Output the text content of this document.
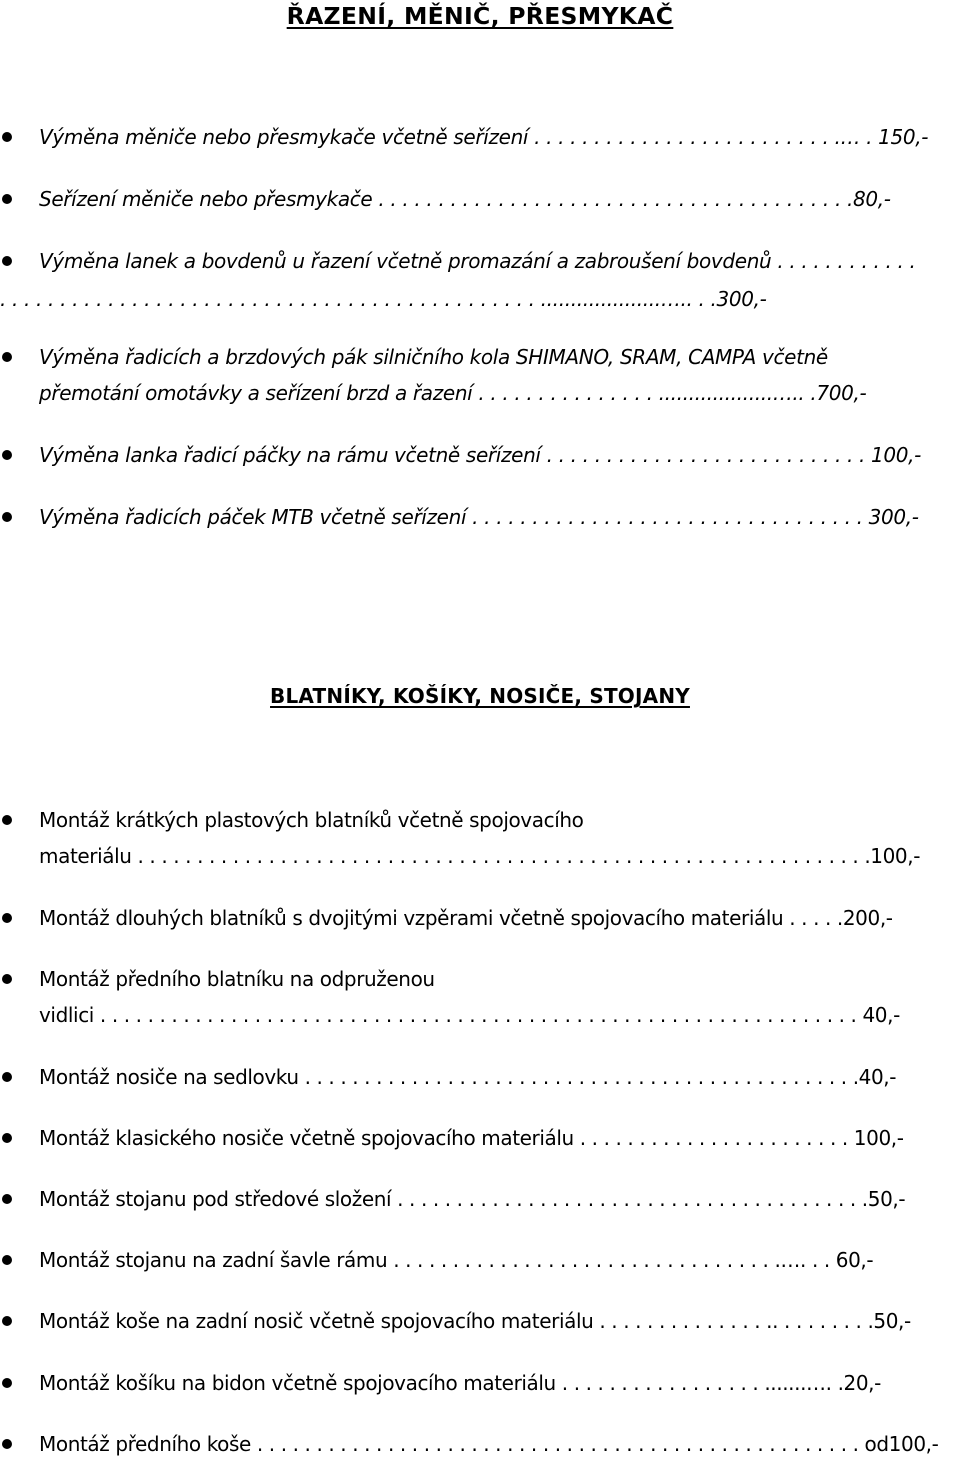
ŘAZENÍ, MĚNIČ, PŘESMYKAČ
Výměna měniče nebo přesmykače včetně seřízení . . . . . . . . . . . . . . . . . . . . . . . . . .… . 150,-
Seřízení měniče nebo přesmykače . . . . . . . . . . . . . . . . . . . . . . . . . . . . . . . . . . . . . . . .80,-
Výměna lanek a bovdenů u řazení včetně promazání a zabroušení bovdenů . . . . . . . . . . . .
. . . . . . . . . . . . . . . . . . . . . . . . . . . . . . . . . . . . . . . . . . . . . ....................….. . .300,-
Výměna řadicích a brzdových pák silničního kola SHIMANO, SRAM, CAMPA včetně
přemotání omotávky a seřízení brzd a řazení . . . . . . . . . . . . . . . ...................….. .700,-
Výměna lanka řadicí páčky na rámu včetně seřízení . . . . . . . . . . . . . . . . . . . . . . . . . . . 100,-
Výměna řadicích páček MTB včetně seřízení . . . . . . . . . . . . . . . . . . . . . . . . . . . . . . . . . 300,-
BLATNÍKY, KOŠÍKY, NOSIČE, STOJANY
Montáž krátkých plastových blatníků včetně spojovacího
materiálu . . . . . . . . . . . . . . . . . . . . . . . . . . . . . . . . . . . . . . . . . . . . . . . . . . . . . . . . . . . . . .100,-
Montáž dlouhých blatníků s dvojitými vzpěrami včetně spojovacího materiálu . . . . .200,-
Montáž předního blatníku na odpruženou
vidlici . . . . . . . . . . . . . . . . . . . . . . . . . . . . . . . . . . . . . . . . . . . . . . . . . . . . . . . . . . . . . . . . 40,-
Montáž nosiče na sedlovku . . . . . . . . . . . . . . . . . . . . . . . . . . . . . . . . . . . . . . . . . . . . . . .40,-
Montáž klasického nosiče včetně spojovacího materiálu . . . . . . . . . . . . . . . . . . . . . . . 100,-
Montáž stojanu pod středové složení . . . . . . . . . . . . . . . . . . . . . . . . . . . . . . . . . . . . . . . .50,-
Montáž stojanu na zadní šavle rámu . . . . . . . . . . . . . . . . . . . . . . . . . . . . . . . . .…. . . 60,-
Montáž koše na zadní nosič včetně spojovacího materiálu . . . . . . . . . . . . . . .. . . . . . . . .50,-
Montáž košíku na bidon včetně spojovacího materiálu . . . . . . . . . . . . . . . . . .......…. .20,-
Montáž předního koše . . . . . . . . . . . . . . . . . . . . . . . . . . . . . . . . . . . . . . . . . . . . . . . . . . . od100,-
